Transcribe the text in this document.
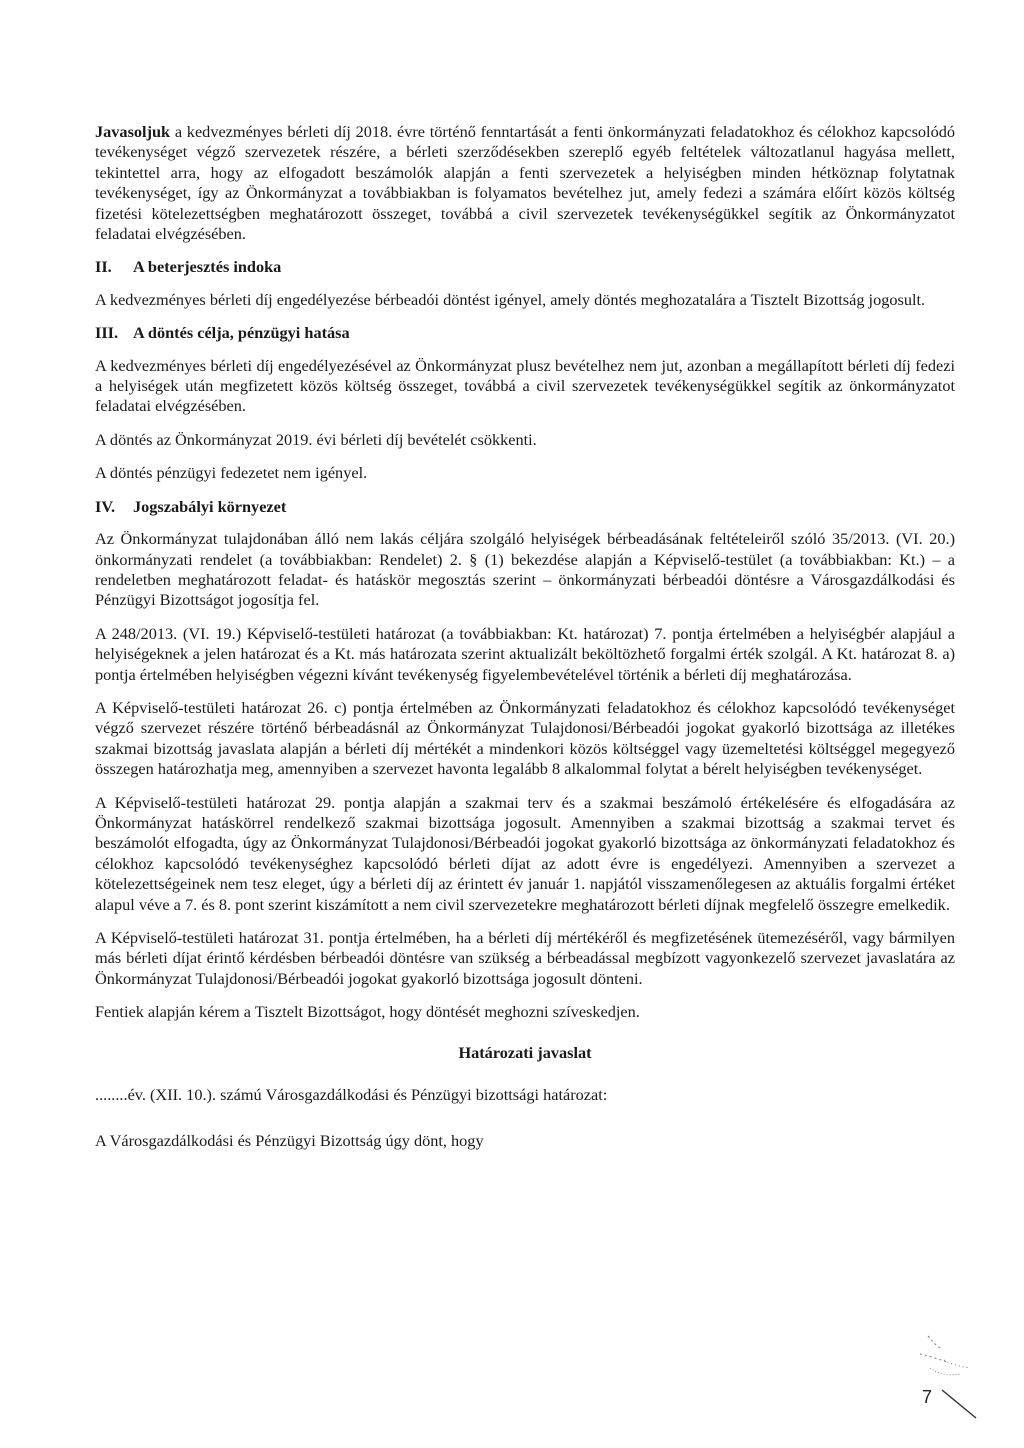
Javasoljuk a kedvezményes bérleti díj 2018. évre történő fenntartását a fenti önkormányzati feladatokhoz és célokhoz kapcsolódó tevékenységet végző szervezetek részére, a bérleti szerződésekben szereplő egyéb feltételek változatlanul hagyása mellett, tekintettel arra, hogy az elfogadott beszámolók alapján a fenti szervezetek a helyiségben minden hétköznap folytatnak tevékenységet, így az Önkormányzat a továbbiakban is folyamatos bevételhez jut, amely fedezi a számára előírt közös költség fizetési kötelezettségben meghatározott összeget, továbbá a civil szervezetek tevékenységükkel segítik az Önkormányzatot feladatai elvégzésében.

II.	A beterjesztés indoka

A kedvezményes bérleti díj engedélyezése bérbeadói döntést igényel, amely döntés meghozatalára a Tisztelt Bizottság jogosult.

III. A döntés célja, pénzügyi hatása

A kedvezményes bérleti díj engedélyezésével az Önkormányzat plusz bevételhez nem jut, azonban a megállapított bérleti díj fedezi a helyiségek után megfizetett közös költség összeget, továbbá a civil szervezetek tevékenységükkel segítik az önkormányzatot feladatai elvégzésében.

A döntés az Önkormányzat 2019. évi bérleti díj bevételét csökkenti.

A döntés pénzügyi fedezetet nem igényel.

IV.	Jogszabályi környezet

Az Önkormányzat tulajdonában álló nem lakás céljára szolgáló helyiségek bérbeadásának feltételeiről szóló 35/2013. (VI. 20.) önkormányzati rendelet (a továbbiakban: Rendelet) 2. § (1) bekezdése alapján a Képviselő-testület (a továbbiakban: Kt.) – a rendeletben meghatározott feladat- és hatáskör megosztás szerint – önkormányzati bérbeadói döntésre a Városgazdálkodási és Pénzügyi Bizottságot jogosítja fel.

A 248/2013. (VI. 19.) Képviselő-testületi határozat (a továbbiakban: Kt. határozat) 7. pontja értelmében a helyiségbér alapjául a helyiségeknek a jelen határozat és a Kt. más határozata szerint aktualizált beköltözhető forgalmi érték szolgál. A Kt. határozat 8. a) pontja értelmében helyiségben végezni kívánt tevékenység figyelembevételével történik a bérleti díj meghatározása.

A Képviselő-testületi határozat 26. c) pontja értelmében az Önkormányzati feladatokhoz és célokhoz kapcsolódó tevékenységet végző szervezet részére történő bérbeadásnál az Önkormányzat Tulajdonosi/Bérbeadói jogokat gyakorló bizottsága az illetékes szakmai bizottság javaslata alapján a bérleti díj mértékét a mindenkori közös költséggel vagy üzemeltetési költséggel megegyező összegen határozhatja meg, amennyiben a szervezet havonta legalább 8 alkalommal folytat a bérelt helyiségben tevékenységet.

A Képviselő-testületi határozat 29. pontja alapján a szakmai terv és a szakmai beszámoló értékelésére és elfogadására az Önkormányzat hatáskörrel rendelkező szakmai bizottsága jogosult. Amennyiben a szakmai bizottság a szakmai tervet és beszámolót elfogadta, úgy az Önkormányzat Tulajdonosi/Bérbeadói jogokat gyakorló bizottsága az önkormányzati feladatokhoz és célokhoz kapcsolódó tevékenységhez kapcsolódó bérleti díjat az adott évre is engedélyezi. Amennyiben a szervezet a kötelezettségeinek nem tesz eleget, úgy a bérleti díj az érintett év január 1. napjától visszamenőlegesen az aktuális forgalmi értéket alapul véve a 7. és 8. pont szerint kiszámított a nem civil szervezetekre meghatározott bérleti díjnak megfelelő összegre emelkedik.

A Képviselő-testületi határozat 31. pontja értelmében, ha a bérleti díj mértékéről és megfizetésének ütemezéséről, vagy bármilyen más bérleti díjat érintő kérdésben bérbeadói döntésre van szükség a bérbeadással megbízott vagyonkezelő szervezet javaslatára az Önkormányzat Tulajdonosi/Bérbeadói jogokat gyakorló bizottsága jogosult dönteni.

Fentiek alapján kérem a Tisztelt Bizottságot, hogy döntését meghozni szíveskedjen.

Határozati javaslat

........év. (XII. 10.). számú Városgazdálkodási és Pénzügyi bizottsági határozat:

A Városgazdálkodási és Pénzügyi Bizottság úgy dönt, hogy

7
